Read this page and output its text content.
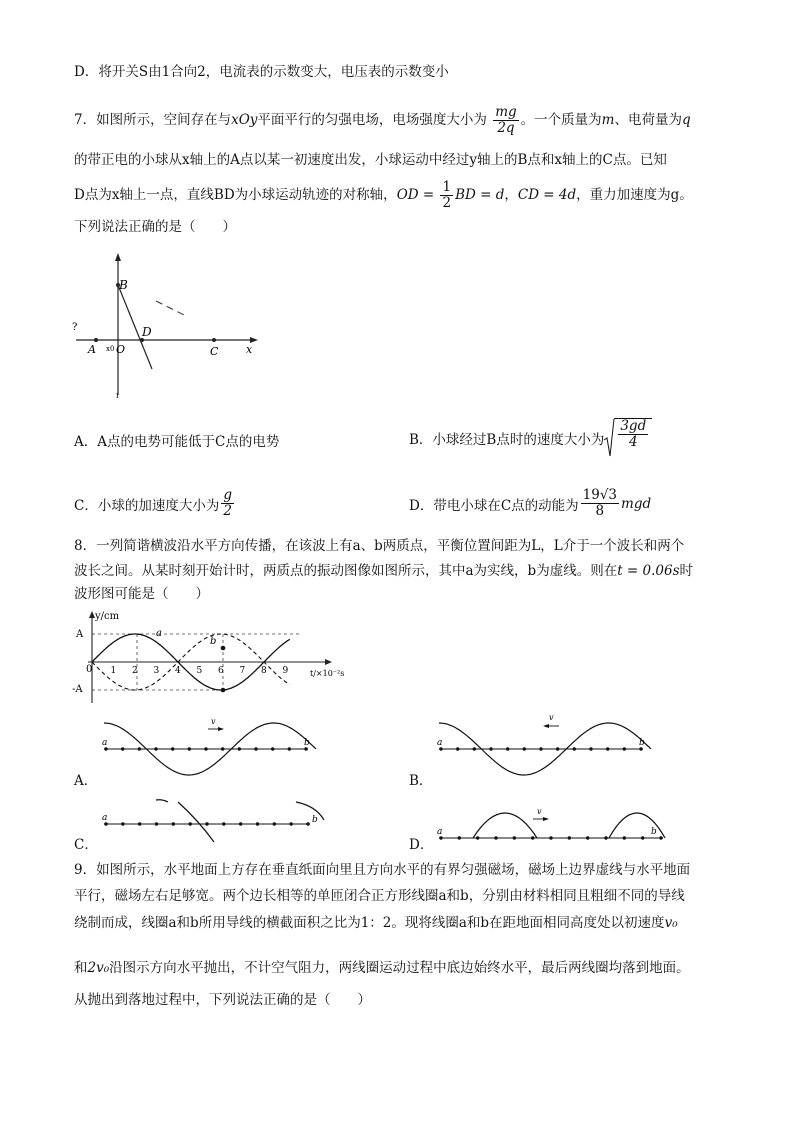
D．将开关S由1合向2，电流表的示数变大，电压表的示数变小
7．如图所示，空间存在与xOy平面平行的匀强电场，电场强度大小为 $\frac{mg}{2q}$ 。一个质量为m、电荷量为q
的带正电的小球从x轴上的A点以某一初速度出发，小球运动中经过y轴上的B点和x轴上的C点。已知
D点为x轴上一点，直线BD为小球运动轨迹的对称轴，OD = $\frac{1}{2}$ BD = d，CD = 4d，重力加速度为g。
下列说法正确的是（　　）
B
D
O
A	C	x
?
x0
ı
A．A点的电势可能低于C点的电势	B．小球经过B点时的速度大小为 $\frac{3gd}{4}$
C．小球的加速度大小为 $\frac{g}{2}$	D．带电小球在C点的动能为 $\frac{19√3}{8}$ mgd
8．一列简谐横波沿水平方向传播，在该波上有a、b两质点，平衡位置间距为L，L介于一个波长和两个
波长之间。从某时刻开始计时，两质点的振动图像如图所示，其中a为实线，b为虚线。则在t = 0.06s时
波形图可能是（　　）
y/cm
A
-A
0 1 2 3 4 5 6 7 8 9	t/×10⁻²s
a
b
A．
a	b
v
B．
a	b
v
C．
a	b
D．
a	b
v
9．如图所示，水平地面上方存在垂直纸面向里且方向水平的有界匀强磁场，磁场上边界虚线与水平地面
平行，磁场左右足够宽。两个边长相等的单匝闭合正方形线圈a和b，分别由材料相同且粗细不同的导线
绕制而成，线圈a和b所用导线的横截面积之比为1：2。现将线圈a和b在距地面相同高度处以初速度v₀
和2v₀沿图示方向水平抛出，不计空气阻力，两线圈运动过程中底边始终水平，最后两线圈均落到地面。
从抛出到落地过程中，下列说法正确的是（　　）
